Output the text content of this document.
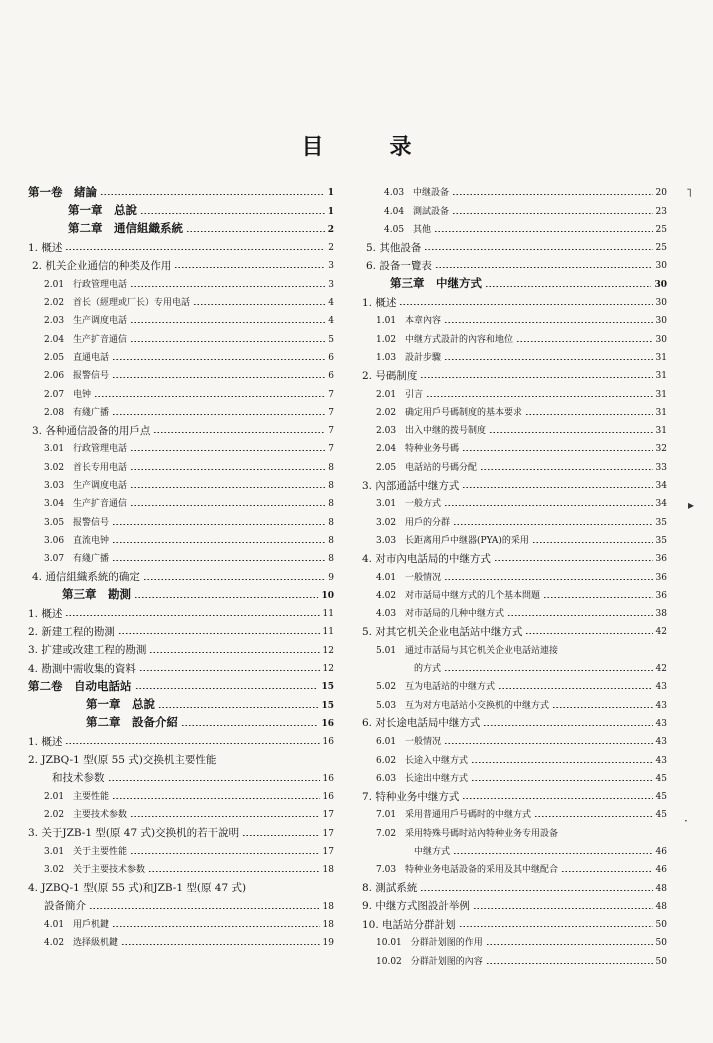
目	录
第一卷　緒論	1
第一章　总說	1
第二章　通信組織系統	2
1. 概述	2
2. 机关企业通信的种类及作用	3
2.01　行政管理电話	3
2.02　首长（經理或厂长）专用电話	4
2.03　生产调度电話	4
2.04　生产扩音通信	5
2.05　直通电話	6
2.06　报警信号	6
2.07　电钟	7
2.08　有綫广播	7
3. 各种通信設备的用戶点	7
3.01　行政管理电話	7
3.02　首长专用电話	8
3.03　生产调度电話	8
3.04　生产扩音通信	8
3.05　报警信号	8
3.06　直流电钟	8
3.07　有綫广播	8
4. 通信組織系統的确定	9
第三章　勘測	10
1. 概述	11
2. 新建工程的勘測	11
3. 扩建或改建工程的勘測	12
4. 勘測中需收集的資料	12
第二卷　自动电話站	15
第一章　总說	15
第二章　設备介紹	16
1. 概述	16
2. JZBQ-1 型(原 55 式)交换机主要性能
和技术参数	16
2.01　主要性能	16
2.02　主要技术参数	17
3. 关于JZB-1 型(原 47 式)交换机的若干說明	17
3.01　关于主要性能	17
3.02　关于主要技术参数	18
4. JZBQ-1 型(原 55 式)和JZB-1 型(原 47 式)
設备簡介	18
4.01　用戶机鍵	18
4.02　选择級机鍵	19
4.03　中继設备	20
4.04　測試設备	23
4.05　其他	25
5. 其他設备	25
6. 設备一覽表	30
第三章　中继方式	30
1. 概述	30
1.01　本章內容	30
1.02　中继方式設計的內容和地位	30
1.03　設計步驟	31
2. 号碼制度	31
2.01　引言	31
2.02　确定用戶号碼制度的基本要求	31
2.03　出入中继的拨号制度	31
2.04　特种业务号碼	32
2.05　电話站的号碼分配	33
3. 內部通話中继方式	34
3.01　一般方式	34
3.02　用戶的分群	35
3.03　长距离用戶中继器(PYA)的采用	35
4. 对市內电話局的中继方式	36
4.01　一般情况	36
4.02　对市話局中继方式的几个基本問題	36
4.03　对市話局的几种中继方式	38
5. 对其它机关企业电話站中继方式	42
5.01　通过市話局与其它机关企业电話站連接
的方式	42
5.02　互为电話站的中继方式	43
5.03　互为对方电話站小交换机的中继方式	43
6. 对长途电話局中继方式	43
6.01　一般情况	43
6.02　长途入中继方式	43
6.03　长途出中继方式	45
7. 特种业务中继方式	45
7.01　采用普通用戶号碼时的中继方式	45
7.02　采用特殊号碼时站內特种业务专用設备
中继方式	46
7.03　特种业务电話設备的采用及其中继配合	46
8. 測試系統	48
9. 中继方式图設計举例	48
10. 电話站分群計划	50
10.01　分群計划图的作用	50
10.02　分群計划图的內容	50
˥
▸
·
